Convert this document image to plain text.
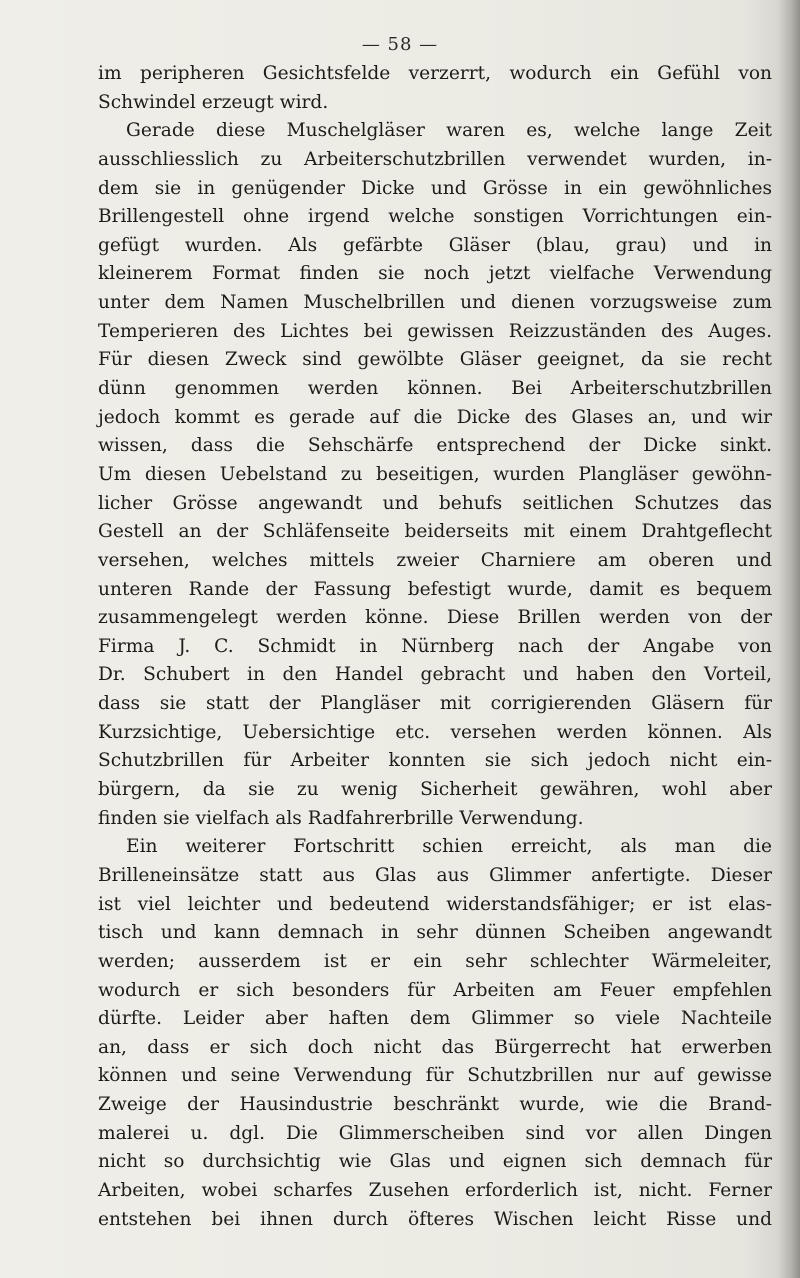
— 58 —
im peripheren Gesichtsfelde verzerrt, wodurch ein Gefühl von
Schwindel erzeugt wird.
Gerade diese Muschelgläser waren es, welche lange Zeit
ausschliesslich zu Arbeiterschutzbrillen verwendet wurden, in-
dem sie in genügender Dicke und Grösse in ein gewöhnliches
Brillengestell ohne irgend welche sonstigen Vorrichtungen ein-
gefügt wurden. Als gefärbte Gläser (blau, grau) und in
kleinerem Format finden sie noch jetzt vielfache Verwendung
unter dem Namen Muschelbrillen und dienen vorzugsweise zum
Temperieren des Lichtes bei gewissen Reizzuständen des Auges.
Für diesen Zweck sind gewölbte Gläser geeignet, da sie recht
dünn genommen werden können. Bei Arbeiterschutzbrillen
jedoch kommt es gerade auf die Dicke des Glases an, und wir
wissen, dass die Sehschärfe entsprechend der Dicke sinkt.
Um diesen Uebelstand zu beseitigen, wurden Plangläser gewöhn-
licher Grösse angewandt und behufs seitlichen Schutzes das
Gestell an der Schläfenseite beiderseits mit einem Drahtgeflecht
versehen, welches mittels zweier Charniere am oberen und
unteren Rande der Fassung befestigt wurde, damit es bequem
zusammengelegt werden könne. Diese Brillen werden von der
Firma J. C. Schmidt in Nürnberg nach der Angabe von
Dr. Schubert in den Handel gebracht und haben den Vorteil,
dass sie statt der Plangläser mit corrigierenden Gläsern für
Kurzsichtige, Uebersichtige etc. versehen werden können. Als
Schutzbrillen für Arbeiter konnten sie sich jedoch nicht ein-
bürgern, da sie zu wenig Sicherheit gewähren, wohl aber
finden sie vielfach als Radfahrerbrille Verwendung.
Ein weiterer Fortschritt schien erreicht, als man die
Brilleneinsätze statt aus Glas aus Glimmer anfertigte. Dieser
ist viel leichter und bedeutend widerstandsfähiger; er ist elas-
tisch und kann demnach in sehr dünnen Scheiben angewandt
werden; ausserdem ist er ein sehr schlechter Wärmeleiter,
wodurch er sich besonders für Arbeiten am Feuer empfehlen
dürfte. Leider aber haften dem Glimmer so viele Nachteile
an, dass er sich doch nicht das Bürgerrecht hat erwerben
können und seine Verwendung für Schutzbrillen nur auf gewisse
Zweige der Hausindustrie beschränkt wurde, wie die Brand-
malerei u. dgl. Die Glimmerscheiben sind vor allen Dingen
nicht so durchsichtig wie Glas und eignen sich demnach für
Arbeiten, wobei scharfes Zusehen erforderlich ist, nicht. Ferner
entstehen bei ihnen durch öfteres Wischen leicht Risse und
